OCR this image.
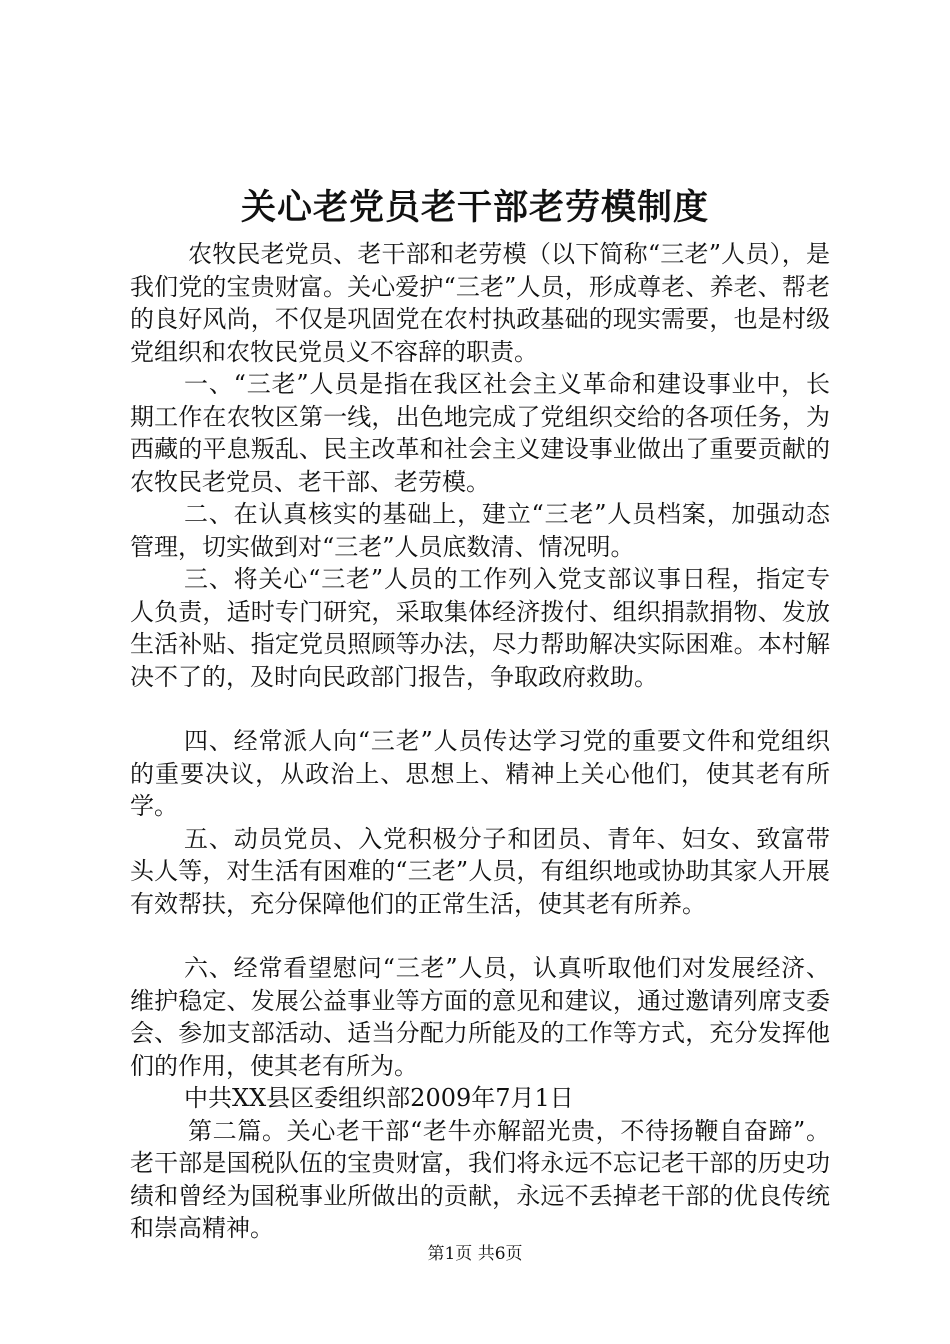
关心老党员老干部老劳模制度

农牧民老党员、老干部和老劳模（以下简称“三老”人员），是我们党的宝贵财富。关心爱护“三老”人员，形成尊老、养老、帮老的良好风尚，不仅是巩固党在农村执政基础的现实需要，也是村级党组织和农牧民党员义不容辞的职责。

一、“三老”人员是指在我区社会主义革命和建设事业中，长期工作在农牧区第一线，出色地完成了党组织交给的各项任务，为西藏的平息叛乱、民主改革和社会主义建设事业做出了重要贡献的农牧民老党员、老干部、老劳模。

二、在认真核实的基础上，建立“三老”人员档案，加强动态管理，切实做到对“三老”人员底数清、情况明。

三、将关心“三老”人员的工作列入党支部议事日程，指定专人负责，适时专门研究，采取集体经济拨付、组织捐款捐物、发放生活补贴、指定党员照顾等办法，尽力帮助解决实际困难。本村解决不了的，及时向民政部门报告，争取政府救助。

四、经常派人向“三老”人员传达学习党的重要文件和党组织的重要决议，从政治上、思想上、精神上关心他们，使其老有所学。

五、动员党员、入党积极分子和团员、青年、妇女、致富带头人等，对生活有困难的“三老”人员，有组织地或协助其家人开展有效帮扶，充分保障他们的正常生活，使其老有所养。

六、经常看望慰问“三老”人员，认真听取他们对发展经济、维护稳定、发展公益事业等方面的意见和建议，通过邀请列席支委会、参加支部活动、适当分配力所能及的工作等方式，充分发挥他们的作用，使其老有所为。

中共XX县区委组织部2009年7月1日

第二篇。关心老干部“老牛亦解韶光贵，不待扬鞭自奋蹄”。老干部是国税队伍的宝贵财富，我们将永远不忘记老干部的历史功绩和曾经为国税事业所做出的贡献，永远不丢掉老干部的优良传统和崇高精神。

第1页 共6页
